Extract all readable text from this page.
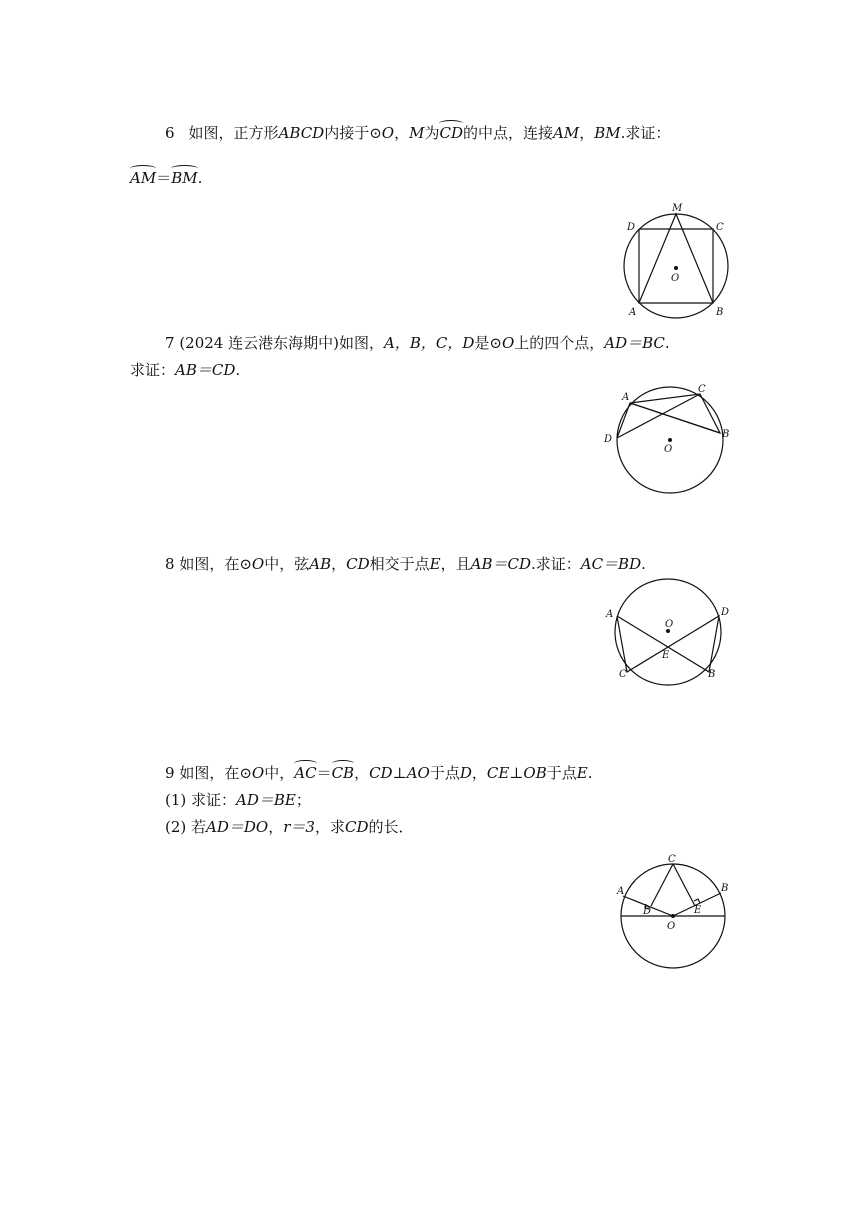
6 如图，正方形ABCD内接于⊙O，M为CD的中点，连接AM，BM.求证：
AM＝BM.
M
D	C
A	B
O
7 (2024 连云港东海期中)如图，A，B，C，D是⊙O上的四个点，AD＝BC.
求证：AB＝CD.
A
C
D	B
O
8 如图，在⊙O中，弦AB，CD相交于点E，且AB＝CD.求证：AC＝BD.
A	D
O
E
C	B
9 如图，在⊙O中，AC＝CB，CD⊥AO于点D，CE⊥OB于点E.
(1) 求证：AD＝BE；
(2) 若AD＝DO，r＝3，求CD的长．
C
A	B
D	E
O
